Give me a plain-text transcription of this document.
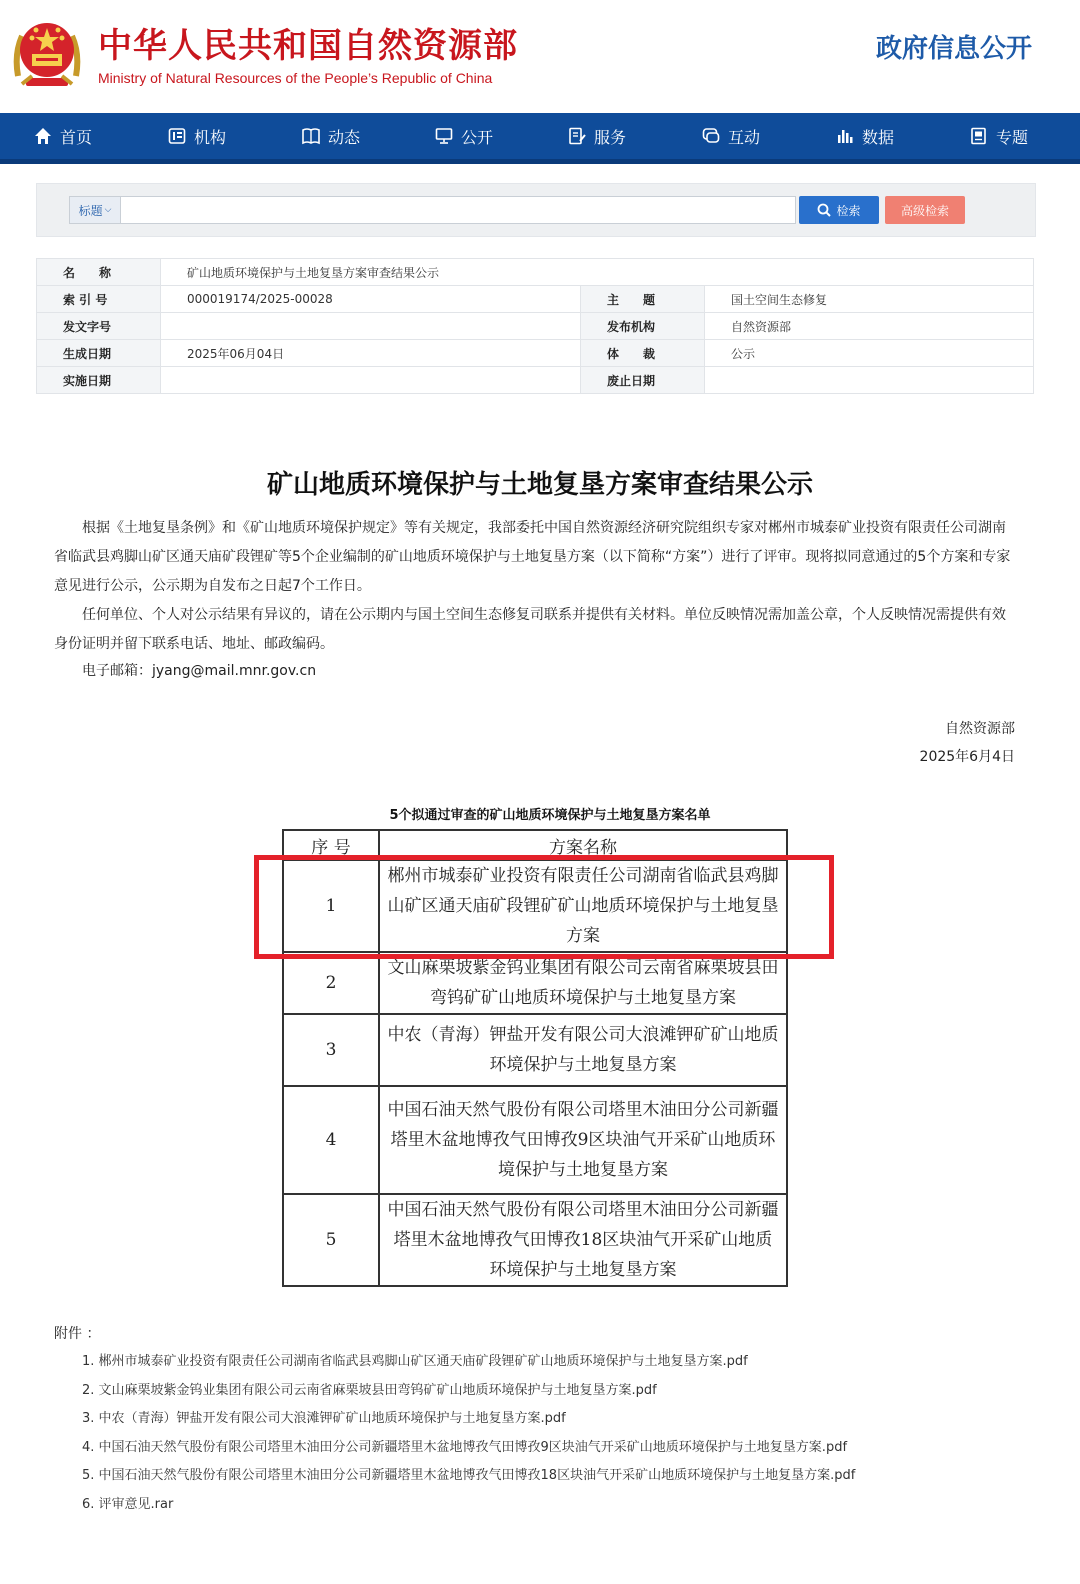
中华人民共和国自然资源部
Ministry of Natural Resources of the People’s Republic of China
政府信息公开
首页	机构	动态	公开	服务	互动	数据	专题
标题 ⌵	检索	高级检索
名　　称	矿山地质环境保护与土地复垦方案审查结果公示		
索 引 号	000019174/2025-00028	主　　题	国土空间生态修复
发文字号		发布机构	自然资源部
生成日期	2025年06月04日	体　　裁	公示
实施日期		废止日期	
矿山地质环境保护与土地复垦方案审查结果公示

根据《土地复垦条例》和《矿山地质环境保护规定》等有关规定，我部委托中国自然资源经济研究院组织专家对郴州市城泰矿业投资有限责任公司湖南省临武县鸡脚山矿区通天庙矿段锂矿等5个企业编制的矿山地质环境保护与土地复垦方案（以下简称“方案”）进行了评审。现将拟同意通过的5个方案和专家意见进行公示，公示期为自发布之日起7个工作日。

任何单位、个人对公示结果有异议的，请在公示期内与国土空间生态修复司联系并提供有关材料。单位反映情况需加盖公章，个人反映情况需提供有效身份证明并留下联系电话、地址、邮政编码。

电子邮箱：jyang@mail.mnr.gov.cn
自然资源部
2025年6月4日
5个拟通过审查的矿山地质环境保护与土地复垦方案名单
序 号	方案名称
1	郴州市城泰矿业投资有限责任公司湖南省临武县鸡脚山矿区通天庙矿段锂矿矿山地质环境保护与土地复垦方案
2	文山麻栗坡紫金钨业集团有限公司云南省麻栗坡县田弯钨矿矿山地质环境保护与土地复垦方案
3	中农（青海）钾盐开发有限公司大浪滩钾矿矿山地质环境保护与土地复垦方案
4	中国石油天然气股份有限公司塔里木油田分公司新疆塔里木盆地博孜气田博孜9区块油气开采矿山地质环境保护与土地复垦方案
5	中国石油天然气股份有限公司塔里木油田分公司新疆塔里木盆地博孜气田博孜18区块油气开采矿山地质环境保护与土地复垦方案
附件 ：
1. 郴州市城泰矿业投资有限责任公司湖南省临武县鸡脚山矿区通天庙矿段锂矿矿山地质环境保护与土地复垦方案.pdf
2. 文山麻栗坡紫金钨业集团有限公司云南省麻栗坡县田弯钨矿矿山地质环境保护与土地复垦方案.pdf
3. 中农（青海）钾盐开发有限公司大浪滩钾矿矿山地质环境保护与土地复垦方案.pdf
4. 中国石油天然气股份有限公司塔里木油田分公司新疆塔里木盆地博孜气田博孜9区块油气开采矿山地质环境保护与土地复垦方案.pdf
5. 中国石油天然气股份有限公司塔里木油田分公司新疆塔里木盆地博孜气田博孜18区块油气开采矿山地质环境保护与土地复垦方案.pdf
6. 评审意见.rar
